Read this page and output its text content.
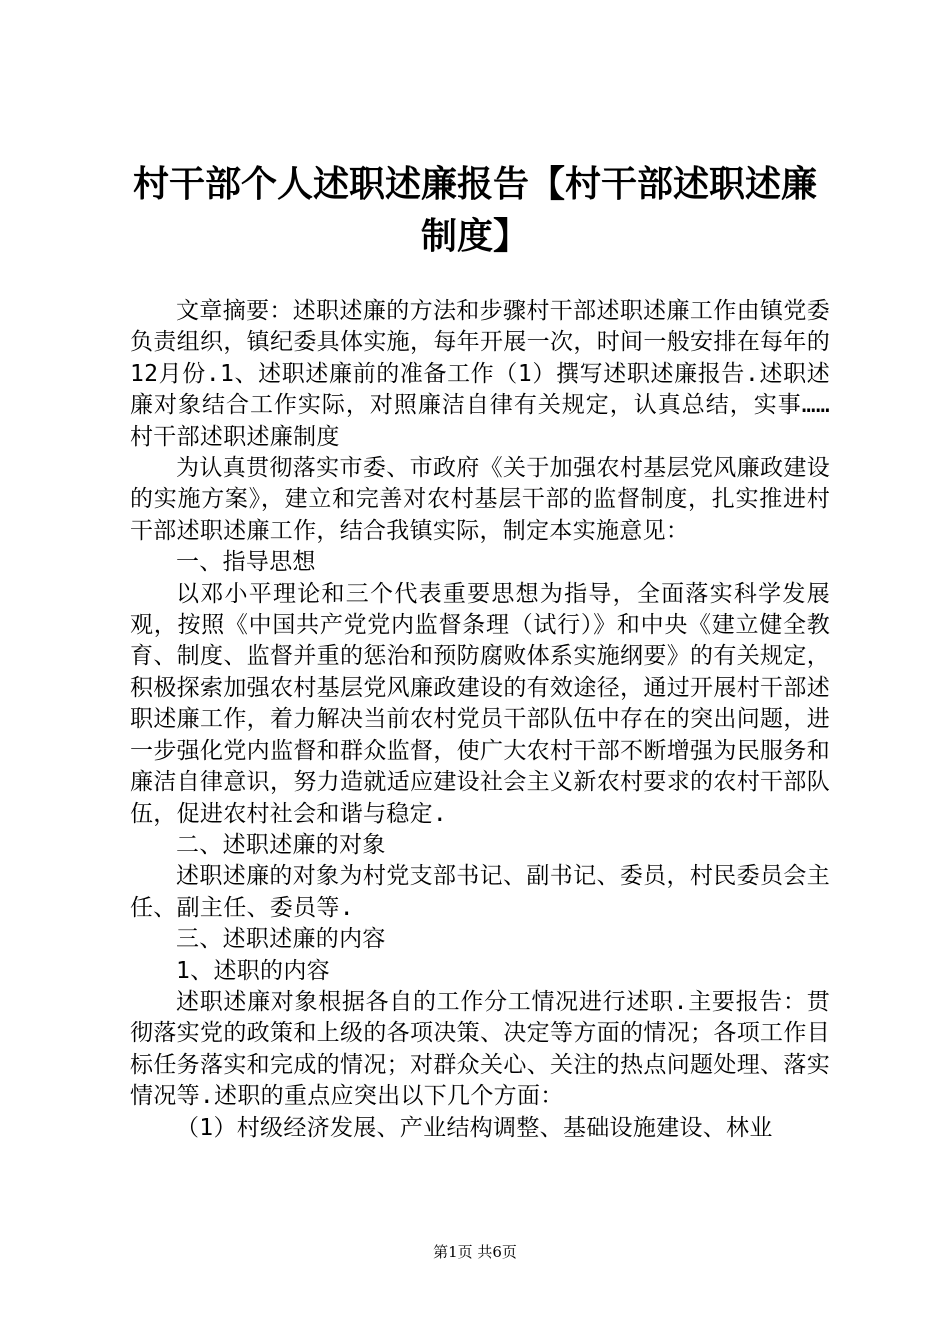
村干部个人述职述廉报告【村干部述职述廉制度】

文章摘要：述职述廉的方法和步骤村干部述职述廉工作由镇党委负责组织，镇纪委具体实施，每年开展一次，时间一般安排在每年的12月份.1、述职述廉前的准备工作（1）撰写述职述廉报告.述职述廉对象结合工作实际，对照廉洁自律有关规定，认真总结，实事……村干部述职述廉制度

为认真贯彻落实市委、市政府《关于加强农村基层党风廉政建设的实施方案》，建立和完善对农村基层干部的监督制度，扎实推进村干部述职述廉工作，结合我镇实际，制定本实施意见：

一、指导思想

以邓小平理论和三个代表重要思想为指导，全面落实科学发展观，按照《中国共产党党内监督条理（试行）》和中央《建立健全教育、制度、监督并重的惩治和预防腐败体系实施纲要》的有关规定，积极探索加强农村基层党风廉政建设的有效途径，通过开展村干部述职述廉工作，着力解决当前农村党员干部队伍中存在的突出问题，进一步强化党内监督和群众监督，使广大农村干部不断增强为民服务和廉洁自律意识，努力造就适应建设社会主义新农村要求的农村干部队伍，促进农村社会和谐与稳定.

二、述职述廉的对象

述职述廉的对象为村党支部书记、副书记、委员，村民委员会主任、副主任、委员等.

三、述职述廉的内容

1、述职的内容

述职述廉对象根据各自的工作分工情况进行述职.主要报告：贯彻落实党的政策和上级的各项决策、决定等方面的情况；各项工作目标任务落实和完成的情况；对群众关心、关注的热点问题处理、落实情况等.述职的重点应突出以下几个方面：

（1）村级经济发展、产业结构调整、基础设施建设、林业

第1页 共6页
